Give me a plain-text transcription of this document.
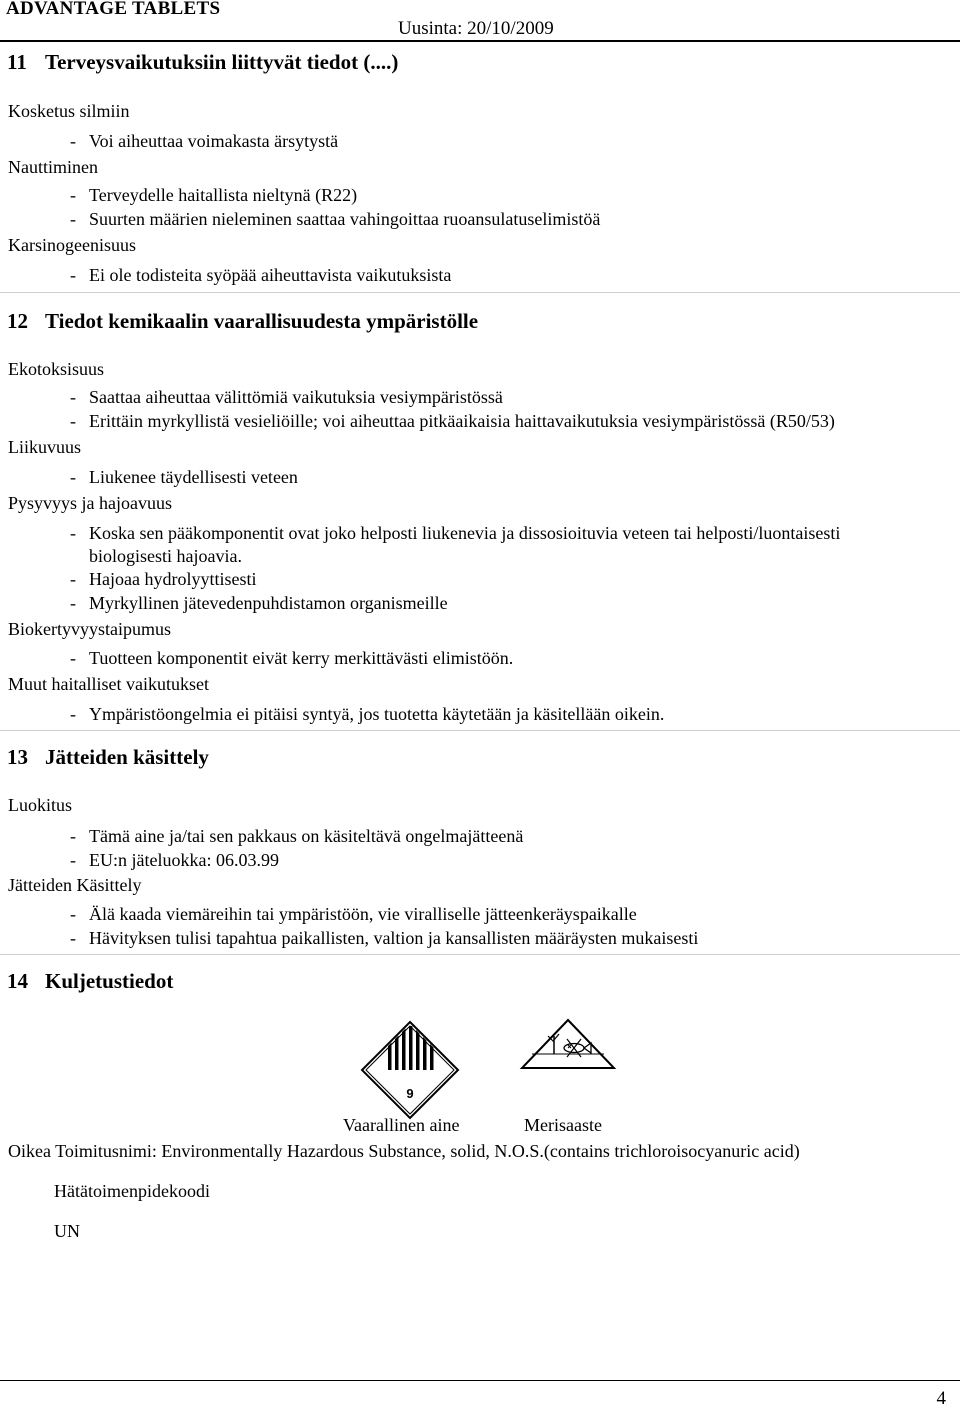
ADVANTAGE TABLETS
Uusinta: 20/10/2009
11 Terveysvaikutuksiin liittyvät tiedot (....)
Kosketus silmiin
- Voi aiheuttaa voimakasta ärsytystä
Nauttiminen
- Terveydelle haitallista nieltynä (R22)
- Suurten määrien nieleminen saattaa vahingoittaa ruoansulatuselimistöä
Karsinogeenisuus
- Ei ole todisteita syöpää aiheuttavista vaikutuksista
12 Tiedot kemikaalin vaarallisuudesta ympäristölle
Ekotoksisuus
- Saattaa aiheuttaa välittömiä vaikutuksia vesiympäristössä
- Erittäin myrkyllistä vesieliöille; voi aiheuttaa pitkäaikaisia haittavaikutuksia vesiympäristössä (R50/53)
Liikuvuus
- Liukenee täydellisesti veteen
Pysyvyys ja hajoavuus
- Koska sen pääkomponentit ovat joko helposti liukenevia ja dissosioituvia veteen tai helposti/luontaisesti
biologisesti hajoavia.
- Hajoaa hydrolyyttisesti
- Myrkyllinen jätevedenpuhdistamon organismeille
Biokertyvyystaipumus
- Tuotteen komponentit eivät kerry merkittävästi elimistöön.
Muut haitalliset vaikutukset
- Ympäristöongelmia ei pitäisi syntyä, jos tuotetta käytetään ja käsitellään oikein.
13 Jätteiden käsittely
Luokitus
- Tämä aine ja/tai sen pakkaus on käsiteltävä ongelmajätteenä
- EU:n jäteluokka: 06.03.99
Jätteiden Käsittely
- Älä kaada viemäreihin tai ympäristöön, vie viralliselle jätteenkeräyspaikalle
- Hävityksen tulisi tapahtua paikallisten, valtion ja kansallisten määräysten mukaisesti
14 Kuljetustiedot
9
Vaarallinen aine	Merisaaste
Oikea Toimitusnimi: Environmentally Hazardous Substance, solid, N.O.S.(contains trichloroisocyanuric acid)
Hätätoimenpidekoodi
UN
4
